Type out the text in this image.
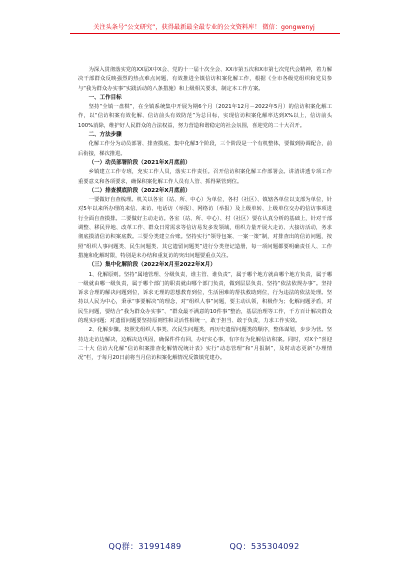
关注头条号“公文研究”，获得最新最全最专业的公文资料库！ 微信：gongwenyj

为深入贯彻落实党的XX届X中X会、党的十一届十次全会、XX市第五次和X市第七次党代会精神，着力解决干部群众反映强烈的热点难点问题，有效推进全镇信访积案化解工作，根据《全市各级党组织和党员参与“我为群众办实事”实践活动的八条措施》和上级相关要求，制定本工作方案。

一、工作目标

坚持“全镇一盘棋”，在全镇系统集中开展为期6个月（2021年12月－2022年5月）的信访积案化解工作，以“信访积案有效化解、信访前头有效防范”为总目标，实现信访积案化解率达到X%以上，信访前头100%消除，维护好人民群众的合法权益，努力营造和谐稳定的社会氛围，喜迎党的二十大召开。

二、方法步骤

化解工作分为动员部署、排查摸底、集中化解3个阶段，三个阶段是一个有机整体，要做到协调配合，前后衔接，梯次推进。

（一）动员部署阶段（2021年X月底前）

乡镇建立工作专班，充实工作人员，落实工作责任。召开信访积案化解工作部署会。讲清讲透专项工作重要意义和各项要求，确保积案化解工作人员有人管、抓得紧管到位。

（二）排查摸底阶段（2022年X月底前）

一要做好自查梳理。机关以各室（站、所、中心）为单位，各村（社区）、镇辖各单位以支部为单位，针对5年以来所办理的来信、来访、电话访（举报）、网络访（举报）及上级单转、上级单位交办的信访事项进行全面自查摸排。二要做好主动走访。各室（站、所、中心）、村（社区）要在认真分析的基础上，针对干部调整、移民异地、改革工作、群众日常需求等信访易发多发领域，组织力量开展大走访、大接访活动，务求彻底摸清信访积案底数。三要分类建立台账。坚持实行“领导包案、一案一策”制，对排查出的信访问题，按照“组织人事问题类、民生问题类、其它遗留问题类”进行分类登记造册，每一项问题都要明确责任人、工作措施和化解时限，特别是未办结和重复访的突出问题要重点关注。

（三）集中化解阶段（2022年X月至2022年X月）

1、化解原则。坚持“属地管理、分级负责，谁主管、谁负责”，属于哪个地方就由哪个地方负责，属于哪一级就由哪一级负责，属于哪个部门的职责就由哪个部门负责，做到层层负责、坚持“依法依规办事”。坚持诉求合理的解决问题到位，诉求无理的思想教育到位，生活困难的帮扶救助到位，行为违法的依法处理。坚持以人民为中心，秉承“事要解决”的理念，对“组织人事”问题，要主动认领，积极作为；化解问题矛盾，对民生问题，要结合“我为群众办实事”、“群众最不满意的10件事”整治，基层治理等工作，千方百计解决群众的现实问题；对遗留问题要坚持原则性和灵活性相统一，敢于担当、敢于负责，力求工作实效。

2、化解步骤。按照先组织人事类、次民生问题类，再历史遗留问题类的顺序，整体谋划，步步为营。坚持边走访边解决，边解决边巩固，确保件件有回，办好实心事，有序有为化解信访积案。同时，对X个“喜迎二十大 信访大化解”信访积案排查化解情况统计表》实行“动态管理”和“月报制”，及时动态更新“办理情况”栏，于每月20日前将当月信访积案化解情况反馈镇党建办。

QQ群：31991489	QQ：535304092
